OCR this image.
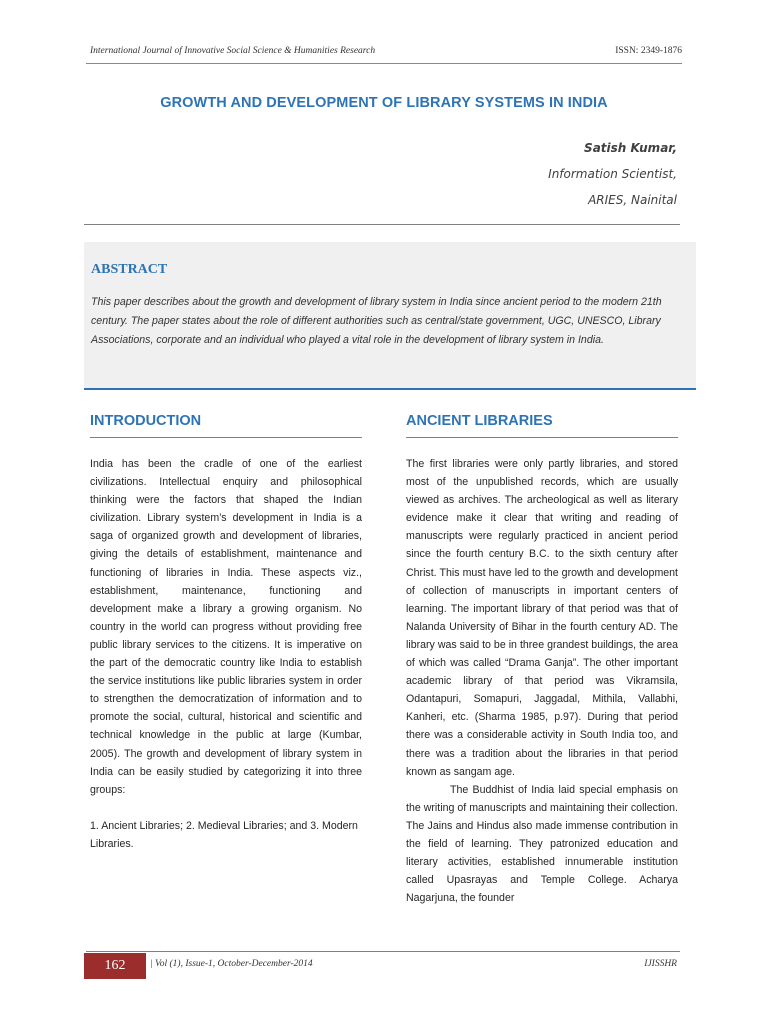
International Journal of Innovative Social Science & Humanities Research	ISSN: 2349-1876
GROWTH AND DEVELOPMENT OF LIBRARY SYSTEMS IN INDIA
Satish Kumar,
Information Scientist,
ARIES, Nainital
ABSTRACT
This paper describes about the growth and development of library system in India since ancient period to the modern 21th century. The paper states about the role of different authorities such as central/state government, UGC, UNESCO, Library Associations, corporate and an individual who played a vital role in the development of library system in India.
INTRODUCTION

India has been the cradle of one of the earliest civilizations. Intellectual enquiry and philosophical thinking were the factors that shaped the Indian civilization. Library system’s development in India is a saga of organized growth and development of libraries, giving the details of establishment, maintenance and functioning of libraries in India. These aspects viz., establishment, maintenance, functioning and development make a library a growing organism. No country in the world can progress without providing free public library services to the citizens. It is imperative on the part of the democratic country like India to establish the service institutions like public libraries system in order to strengthen the democratization of information and to promote the social, cultural, historical and scientific and technical knowledge in the public at large (Kumbar, 2005). The growth and development of library system in India can be easily studied by categorizing it into three groups:

1. Ancient Libraries; 2. Medieval Libraries; and 3. Modern Libraries.

ANCIENT LIBRARIES

The first libraries were only partly libraries, and stored most of the unpublished records, which are usually viewed as archives. The archeological as well as literary evidence make it clear that writing and reading of manuscripts were regularly practiced in ancient period since the fourth century B.C. to the sixth century after Christ. This must have led to the growth and development of collection of manuscripts in important centers of learning. The important library of that period was that of Nalanda University of Bihar in the fourth century AD. The library was said to be in three grandest buildings, the area of which was called “Drama Ganja”. The other important academic library of that period was Vikramsila, Odantapuri, Somapuri, Jaggadal, Mithila, Vallabhi, Kanheri, etc. (Sharma 1985, p.97). During that period there was a considerable activity in South India too, and there was a tradition about the libraries in that period known as sangam age.

The Buddhist of India laid special emphasis on the writing of manuscripts and maintaining their collection. The Jains and Hindus also made immense contribution in the field of learning. They patronized education and literary activities, established innumerable institution called Upasrayas and Temple College. Acharya Nagarjuna, the founder

162	| Vol (1), Issue-1, October-December-2014	IJISSHR
